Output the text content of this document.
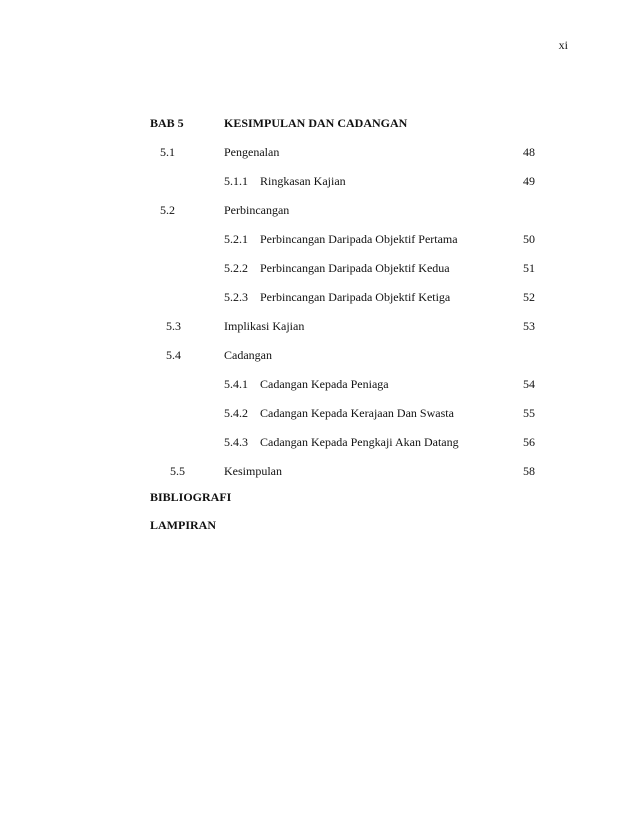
xi
BAB 5	KESIMPULAN DAN CADANGAN
5.1	Pengenalan	48
5.1.1 Ringkasan Kajian	49
5.2	Perbincangan
5.2.1 Perbincangan Daripada Objektif Pertama	50
5.2.2 Perbincangan Daripada Objektif Kedua	51
5.2.3 Perbincangan Daripada Objektif Ketiga	52
5.3	Implikasi Kajian	53
5.4	Cadangan
5.4.1 Cadangan Kepada Peniaga	54
5.4.2 Cadangan Kepada Kerajaan Dan Swasta	55
5.4.3 Cadangan Kepada Pengkaji Akan Datang	56
5.5	Kesimpulan	58
BIBLIOGRAFI
LAMPIRAN
